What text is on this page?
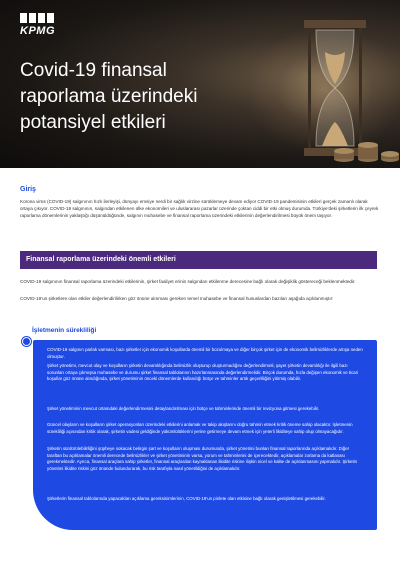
KPMG
Covid-19 finansal
raporlama üzerindeki
potansiyel etkileri
Giriş

Korona virüs (COVID-19) salgınının hızlı ilerleyişi, dünyayı emsiye nerdi bir sağlık virzine sürüklemeye devam ediyor COVID-19 pandemisinin etkileri gerçek zamanlı olarak ortaya çıkıyor. COVID-19 salgınının, salgından etkilenen ülke ekonomileri ve uluslararası pazarlar üzerinde çoktan ciddi bir etki olmuş durumda. Türkiye'deki şirketlerin ilk çeyrek raporlama dönemlerinin yaklaştığı düşünüldüğünde, salgının muhasebe ve finansal raporlama üzerindeki etkilerinin değerlendirilmesi büyük önem taşıyor.

Finansal raporlama üzerindeki önemli etkileri

COVID-19 salgınının finansal raporlama üzerindeki etkilerinin, şirket faaliyet erinin salgından etkilenme derecesine bağlı olarak değişiklik göstereceği beklenmektedir.

COVID-19'un şirketlere olan etkiler değerlendirilirken göz önüne alınması gereken temel muhasebe ve finansal hususlardan bazıları aşağıda açıklanmıştır:

İşletmenin sürekliliği

COVID-19 salgının parlak varması, bazı şirketler için ekonomik koşullarda önemli bir bozulmaya ve diğer birçok şirket için de ekonomik belirsizliklerde artışa neden olmuştur.

Şirket yönetimi, mevcut olay ve koşulların şirketin devamlılığında belirsizlik oluşturup oluşturmadığını değerlendirmeli, şayet şirketin devamlılığı ile ilgili bazı sorunları ortaya çıkmışsa muhasebe ve durumu şirket finansal tablolarının hazırlanmasında değerlendirmelidir. Birçok durumda, hızla değişen ekonomik ve ticari koşullar göz önüne alındığında, şirket yönetiminin önceki dönemlerde kullandığı bütçe ve tahminler artık geçerliliğini yitirmiş olabilir.

Şirket yönetiminin mevcut ortamdaki değerlendirmesini detaylandırılması için bütçe ve tahminlerinde önemli bir revizyona gitmesi gerekebilir.

Güncel olayların ve koşulların şirket operasyonları üzerindeki etkilerini anlamak ve takip akışlarını doğru tahmin etmek kritik öneme sahip olacaktır. İşletmenin sürekliliği açısından kritik olarak, şirketin vadesi geldiğinde yükümlülüklerini yerine getirmeye devam etmek için yeterli likiditeye sahip olup olmayacağıdır.

Şirketin sürdürülebilirliğini şüpheye sokacak belirgin şart ve koşulların oluşması durumunda, şirket yönetimi bunları finansal raporlarında açıklamalıdır. Diğer taraftan bu açıklamalar önemli derecede belirsizlikler ve şirket yönetiminin varsa, yorum ve tahminlerini de içerecektedir, açıklamalar zorlama da katlanası gerekmektedir. Ayrıca, finansal araçlara sahip şirketler, finansal araçlardan kaynaklanan likidite riskine ilişkin nicel ve kalite de açıklanmasını yapmalıdır. Şirketin yönetimi likidite riskini göz önünde bulundurarak, bu risk tarafıyla nasıl yönetildiğini de açıklamalıdır.

Şirketlerin finansal tablolarında yapacakları açıklama gereksinimlerinin, COVID-19'un pinlete olan etkisine bağlı olarak genişletilmesi gerekebilir.
